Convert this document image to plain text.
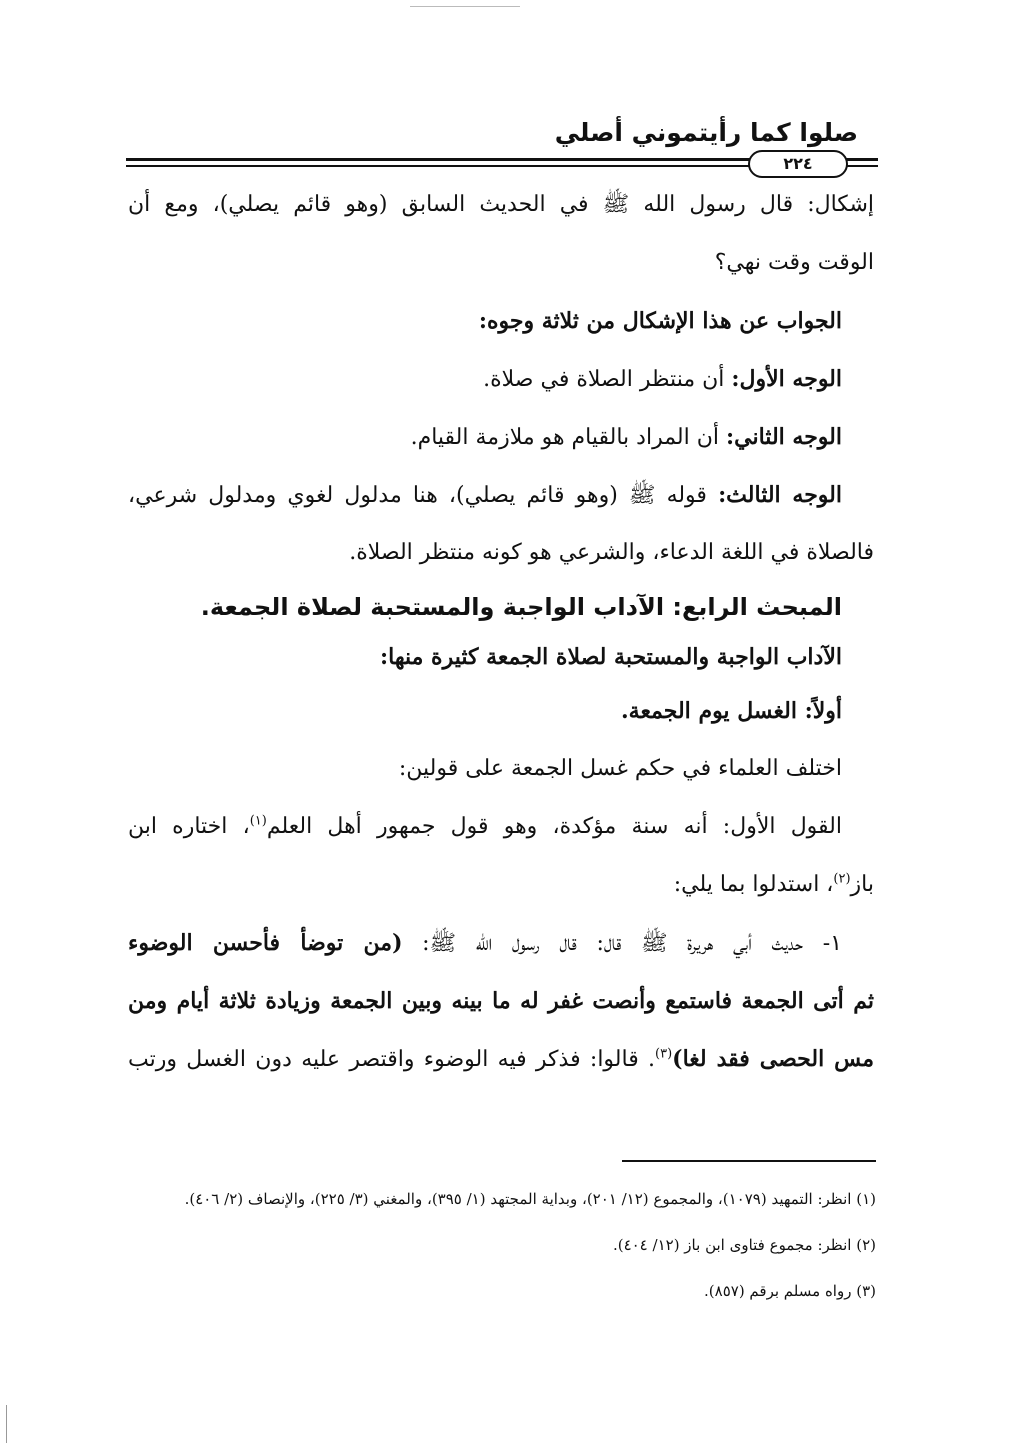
صلوا كما رأيتموني أصلي
٢٢٤
إشكال: قال رسول الله ﷺ في الحديث السابق (وهو قائم يصلي)، ومع أن
الوقت وقت نهي؟
الجواب عن هذا الإشكال من ثلاثة وجوه:
الوجه الأول: أن منتظر الصلاة في صلاة.
الوجه الثاني: أن المراد بالقيام هو ملازمة القيام.
الوجه الثالث: قوله ﷺ (وهو قائم يصلي)، هنا مدلول لغوي ومدلول شرعي،
فالصلاة في اللغة الدعاء، والشرعي هو كونه منتظر الصلاة.
المبحث الرابع: الآداب الواجبة والمستحبة لصلاة الجمعة.
الآداب الواجبة والمستحبة لصلاة الجمعة كثيرة منها:
أولاً: الغسل يوم الجمعة.
اختلف العلماء في حكم غسل الجمعة على قولين:
القول الأول: أنه سنة مؤكدة، وهو قول جمهور أهل العلم$^{(١)}$، اختاره ابن
باز$^{(٢)}$، استدلوا بما يلي:
١- حديث أبي هريرة ﷺ قال: قال رسول الله ﷺ: (من توضأ فأحسن الوضوء
ثم أتى الجمعة فاستمع وأنصت غفر له ما بينه وبين الجمعة وزيادة ثلاثة أيام ومن
مس الحصى فقد لغا)$^{(٣)}$. قالوا: فذكر فيه الوضوء واقتصر عليه دون الغسل ورتب
(١) انظر: التمهيد (١٠٧٩)، والمجموع (١٢/ ٢٠١)، وبداية المجتهد (١/ ٣٩٥)، والمغني (٣/ ٢٢٥)، والإنصاف (٢/ ٤٠٦).
(٢) انظر: مجموع فتاوى ابن باز (١٢/ ٤٠٤).
(٣) رواه مسلم برقم (٨٥٧).
